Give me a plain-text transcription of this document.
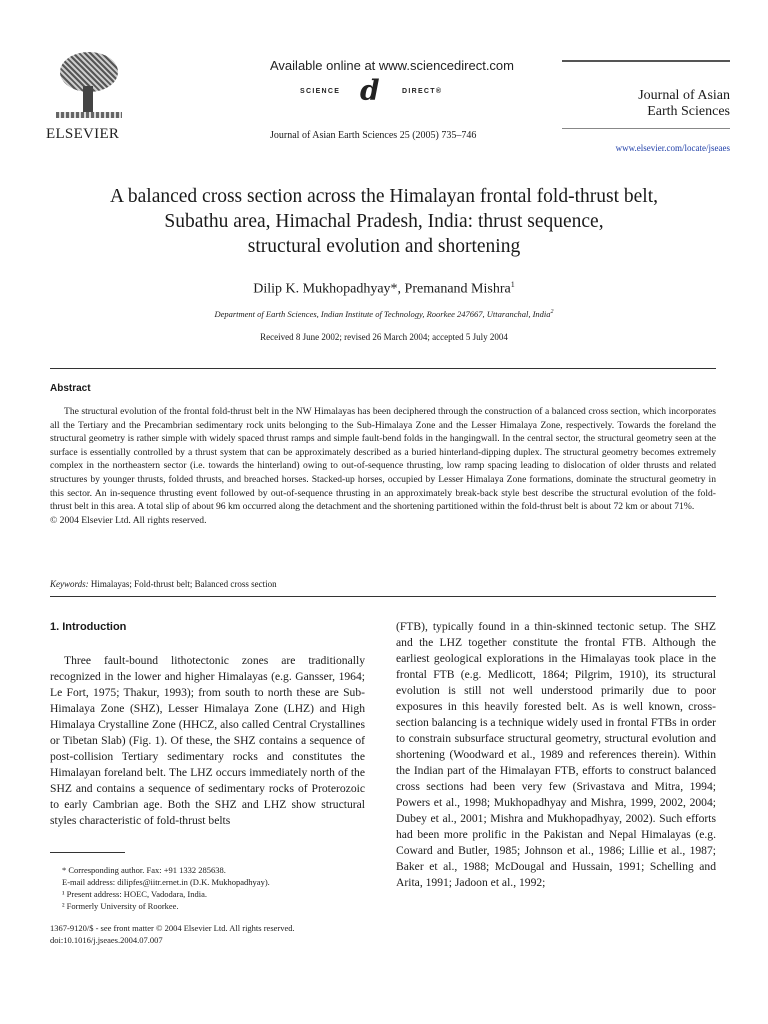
ELSEVIER
Available online at www.sciencedirect.com
SCIENCE d	DIRECT®
Journal of Asian Earth Sciences 25 (2005) 735–746
Journal of Asian
Earth Sciences
www.elsevier.com/locate/jseaes
A balanced cross section across the Himalayan frontal fold-thrust belt,
Subathu area, Himachal Pradesh, India: thrust sequence,
structural evolution and shortening
Dilip K. Mukhopadhyay*, Premanand Mishra$^1$
Department of Earth Sciences, Indian Institute of Technology, Roorkee 247667, Uttaranchal, India$^2$
Received 8 June 2002; revised 26 March 2004; accepted 5 July 2004
Abstract

The structural evolution of the frontal fold-thrust belt in the NW Himalayas has been deciphered through the construction of a balanced cross section, which incorporates all the Tertiary and the Precambrian sedimentary rock units belonging to the Sub-Himalaya Zone and the Lesser Himalaya Zone, respectively. Towards the foreland the structural geometry is rather simple with widely spaced thrust ramps and simple fault-bend folds in the hangingwall. In the central sector, the structural geometry seen at the surface is essentially controlled by a thrust system that can be approximately described as a buried hinterland-dipping duplex. The structural geometry becomes extremely complex in the northeastern sector (i.e. towards the hinterland) owing to out-of-sequence thrusting, low ramp spacing leading to dislocation of older thrusts and related structures by younger thrusts, folded thrusts, and breached horses. Stacked-up horses, occupied by Lesser Himalaya Zone formations, dominate the structural geometry in this sector. An in-sequence thrusting event followed by out-of-sequence thrusting in an approximately break-back style best describe the structural evolution of the fold-thrust belt in this area. A total slip of about 96 km occurred along the detachment and the shortening partitioned within the fold-thrust belt is about 72 km or about 71%.

© 2004 Elsevier Ltd. All rights reserved.

Keywords: Himalayas; Fold-thrust belt; Balanced cross section
1. Introduction

Three fault-bound lithotectonic zones are traditionally recognized in the lower and higher Himalayas (e.g. Gansser, 1964; Le Fort, 1975; Thakur, 1993); from south to north these are Sub-Himalaya Zone (SHZ), Lesser Himalaya Zone (LHZ) and High Himalaya Crystalline Zone (HHCZ, also called Central Crystallines or Tibetan Slab) (Fig. 1). Of these, the SHZ contains a sequence of post-collision Tertiary sedimentary rocks and constitutes the Himalayan foreland belt. The LHZ occurs immediately north of the SHZ and contains a sequence of sedimentary rocks of Proterozoic to early Cambrian age. Both the SHZ and LHZ show structural styles characteristic of fold-thrust belts

(FTB), typically found in a thin-skinned tectonic setup. The SHZ and the LHZ together constitute the frontal FTB. Although the earliest geological explorations in the Himalayas took place in the frontal FTB (e.g. Medlicott, 1864; Pilgrim, 1910), its structural evolution is still not well understood primarily due to poor exposures in this heavily forested belt. As is well known, cross-section balancing is a technique widely used in frontal FTBs in order to constrain subsurface structural geometry, structural evolution and shortening (Woodward et al., 1989 and references therein). Within the Indian part of the Himalayan FTB, efforts to construct balanced cross sections had been very few (Srivastava and Mitra, 1994; Powers et al., 1998; Mukhopadhyay and Mishra, 1999, 2002, 2004; Dubey et al., 2001; Mishra and Mukhopadhyay, 2002). Such efforts had been more prolific in the Pakistan and Nepal Himalayas (e.g. Coward and Butler, 1985; Johnson et al., 1986; Lillie et al., 1987; Baker et al., 1988; McDougal and Hussain, 1991; Schelling and Arita, 1991; Jadoon et al., 1992;

* Corresponding author. Fax: +91 1332 285638.
E-mail address: dilipfes@iitr.ernet.in (D.K. Mukhopadhyay).
¹ Present address: HOEC, Vadodara, India.
² Formerly University of Roorkee.
1367-9120/$ - see front matter © 2004 Elsevier Ltd. All rights reserved.
doi:10.1016/j.jseaes.2004.07.007
